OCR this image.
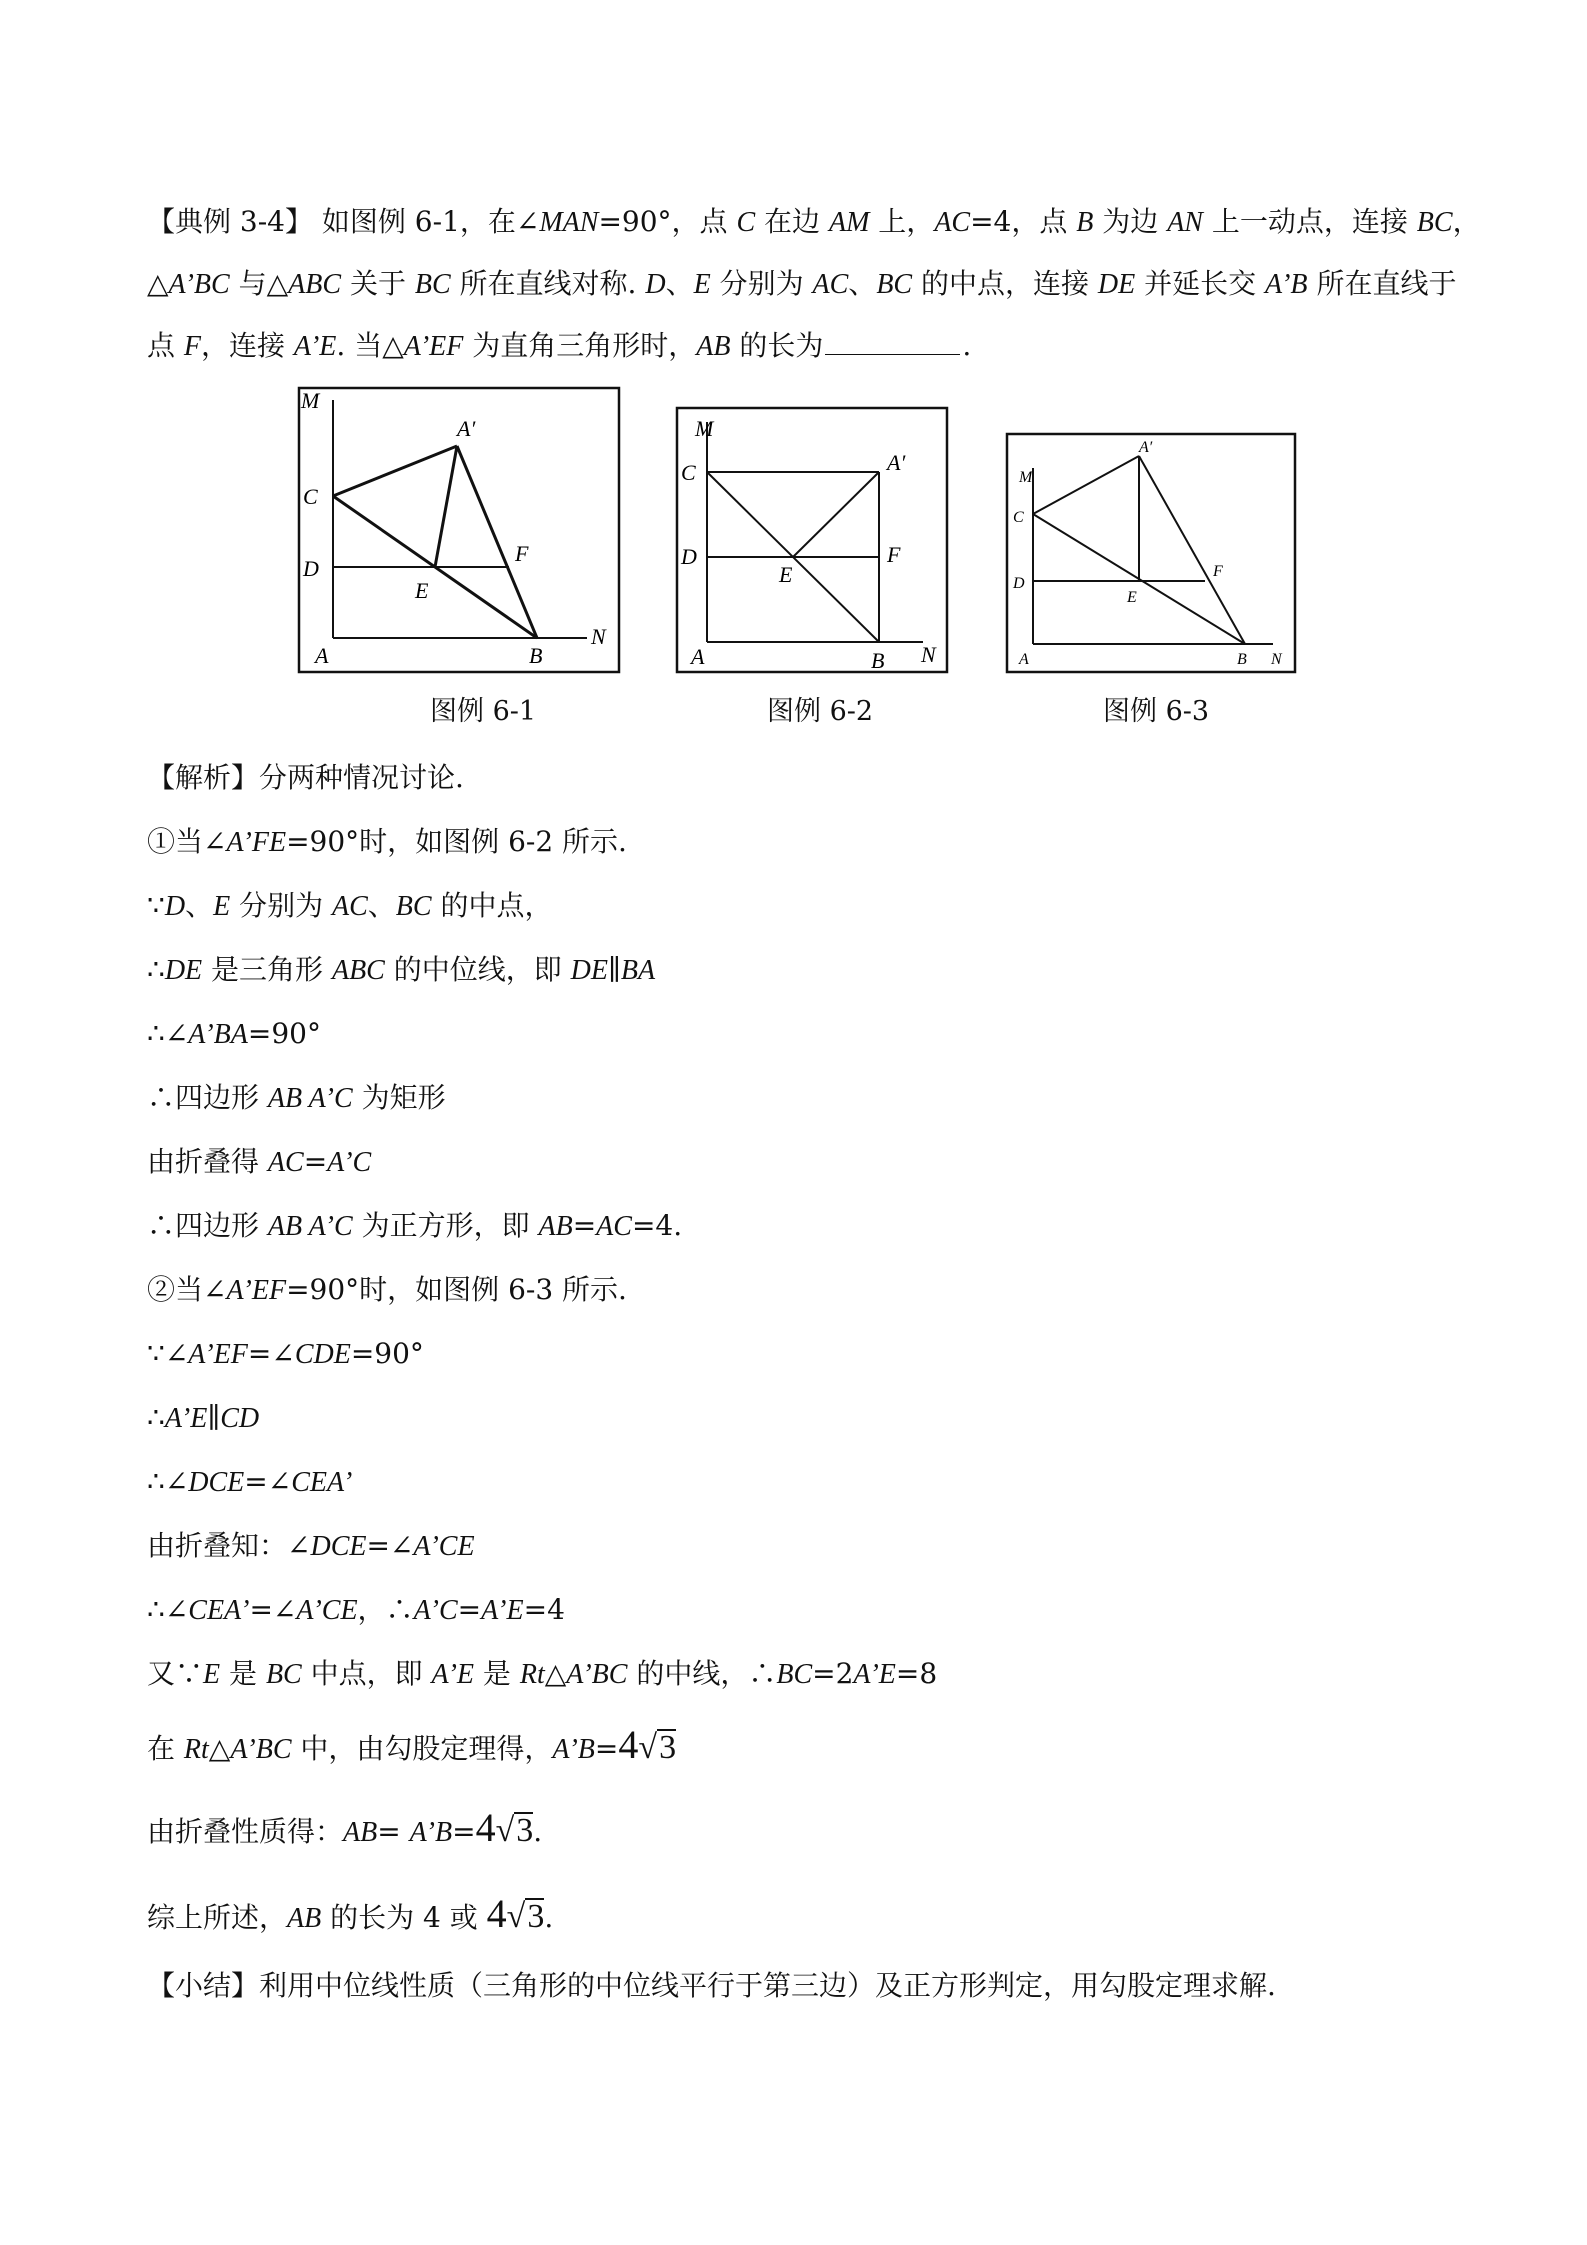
【典例 3-4】 如图例 6-1，在∠MAN=90°，点 C 在边 AM 上，AC=4，点 B 为边 AN 上一动点，连接 BC，
△A’BC 与△ABC 关于 BC 所在直线对称. D、E 分别为 AC、BC 的中点，连接 DE 并延长交 A’B 所在直线于
点 F，连接 A’E. 当△A’EF 为直角三角形时，AB 的长为	.
M
A′
C
D
E
F
A	B
N
M
C	A′
D
E
F
A	B N
M
A′
C
D
E
F
A	B N
图例 6-1	图例 6-2	图例 6-3
【解析】分两种情况讨论.
①当∠A’FE=90°时，如图例 6-2 所示.
∵D、E 分别为 AC、BC 的中点，
∴DE 是三角形 ABC 的中位线，即 DE∥BA
∴∠A’BA=90°
∴四边形 AB A’C 为矩形
由折叠得 AC=A’C
∴四边形 AB A’C 为正方形，即 AB=AC=4.
②当∠A’EF=90°时，如图例 6-3 所示.
∵∠A’EF=∠CDE=90°
∴A’E∥CD
∴∠DCE=∠CEA’
由折叠知：∠DCE=∠A’CE
∴∠CEA’=∠A’CE，∴A’C=A’E=4
又∵E 是 BC 中点，即 A’E 是 Rt△A’BC 的中线，∴BC=2A’E=8
在 Rt△A’BC 中，由勾股定理得，A’B=4√3
由折叠性质得：AB= A’B=4√3.
综上所述，AB 的长为 4 或 4√3.
【小结】利用中位线性质（三角形的中位线平行于第三边）及正方形判定，用勾股定理求解.
